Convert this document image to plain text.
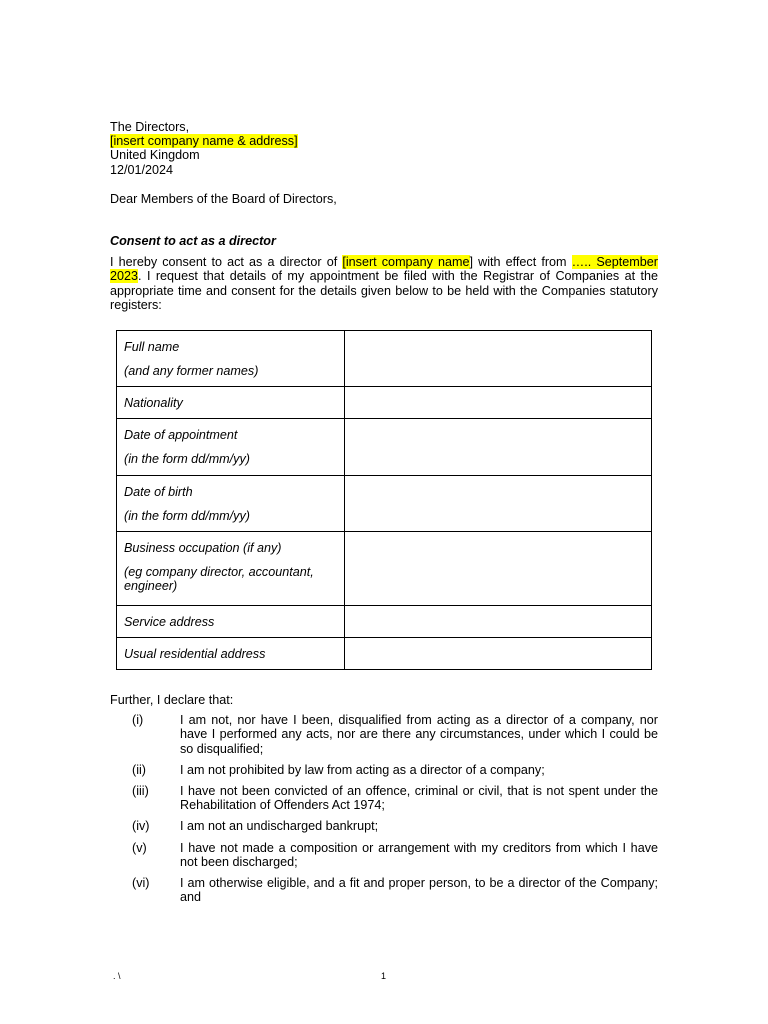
The Directors,
[insert company name & address]
United Kingdom
12/01/2024
Dear Members of the Board of Directors,
Consent to act as a director
I hereby consent to act as a director of [insert company name] with effect from ….. September 2023. I request that details of my appointment be filed with the Registrar of Companies at the appropriate time and consent for the details given below to be held with the Companies statutory registers:
Full name
(and any former names)	

Nationality	

Date of appointment
(in the form dd/mm/yy)	

Date of birth
(in the form dd/mm/yy)	

Business occupation (if any)
(eg company director, accountant, engineer)	

Service address	

Usual residential address	

Further, I declare that:
(i)	I am not, nor have I been, disqualified from acting as a director of a company, nor have I performed any acts, nor are there any circumstances, under which I could be so disqualified;
(ii)	I am not prohibited by law from acting as a director of a company;
(iii)	I have not been convicted of an offence, criminal or civil, that is not spent under the Rehabilitation of Offenders Act 1974;
(iv)	I am not an undischarged bankrupt;
(v)	I have not made a composition or arrangement with my creditors from which I have not been discharged;
(vi)	I am otherwise eligible, and a fit and proper person, to be a director of the Company; and
. \	1
